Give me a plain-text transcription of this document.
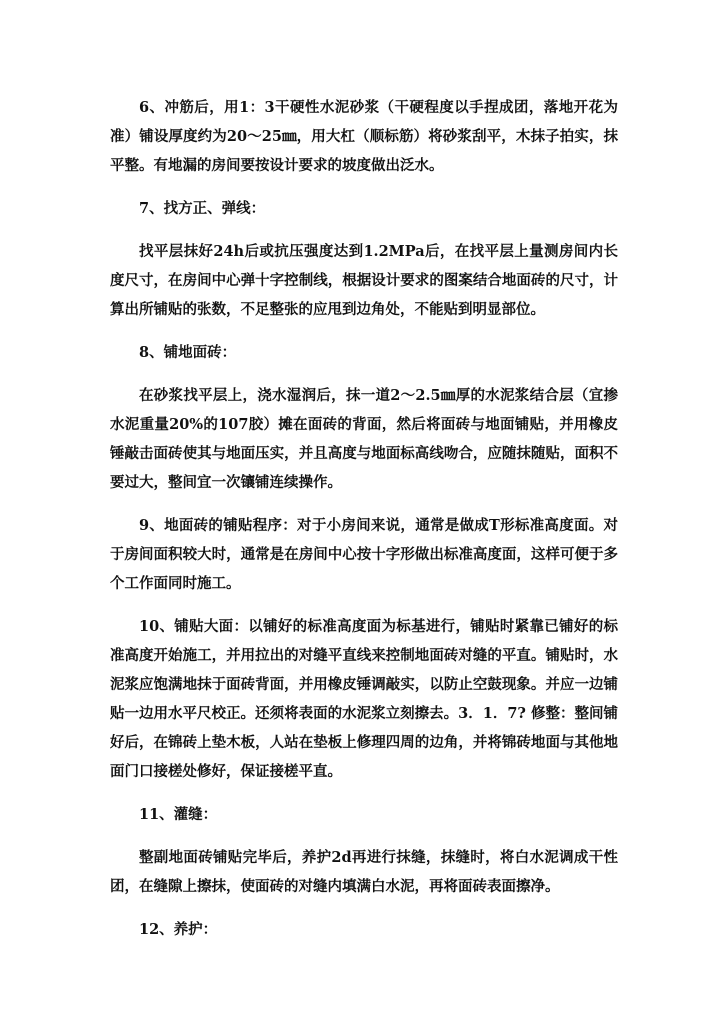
6、冲筋后，用1：3干硬性水泥砂浆（干硬程度以手捏成团，落地开花为准）铺设厚度约为20～25㎜，用大杠（顺标筋）将砂浆刮平，木抹子拍实，抹平整。有地漏的房间要按设计要求的坡度做出泛水。

7、找方正、弹线：

找平层抹好24h后或抗压强度达到1.2MPa后，在找平层上量测房间内长度尺寸，在房间中心弹十字控制线，根据设计要求的图案结合地面砖的尺寸，计算出所铺贴的张数，不足整张的应甩到边角处，不能贴到明显部位。

8、铺地面砖：

在砂浆找平层上，浇水湿润后，抹一道2～2.5㎜厚的水泥浆结合层（宜掺水泥重量20%的107胶）摊在面砖的背面，然后将面砖与地面铺贴，并用橡皮锤敲击面砖使其与地面压实，并且高度与地面标高线吻合，应随抹随贴，面积不要过大，整间宜一次镶铺连续操作。

9、地面砖的铺贴程序：对于小房间来说，通常是做成T形标准高度面。对于房间面积较大时，通常是在房间中心按十字形做出标准高度面，这样可便于多个工作面同时施工。

10、铺贴大面：以铺好的标准高度面为标基进行，铺贴时紧靠已铺好的标准高度开始施工，并用拉出的对缝平直线来控制地面砖对缝的平直。铺贴时，水泥浆应饱满地抹于面砖背面，并用橡皮锤调敲实，以防止空鼓现象。并应一边铺贴一边用水平尺校正。还须将表面的水泥浆立刻擦去。3．1．7? 修整：整间铺好后，在锦砖上垫木板，人站在垫板上修理四周的边角，并将锦砖地面与其他地面门口接槎处修好，保证接槎平直。

11、灌缝：

整副地面砖铺贴完毕后，养护2d再进行抹缝，抹缝时，将白水泥调成干性团，在缝隙上擦抹，使面砖的对缝内填满白水泥，再将面砖表面擦净。

12、养护：
